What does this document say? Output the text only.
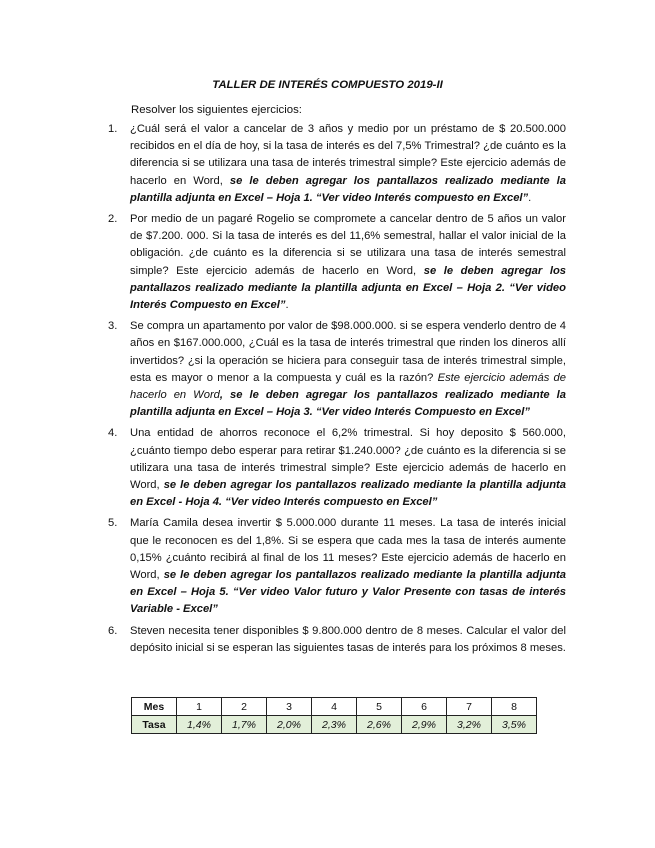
TALLER DE INTERÉS COMPUESTO 2019-II
Resolver los siguientes ejercicios:
1. ¿Cuál será el valor a cancelar de 3 años y medio por un préstamo de $ 20.500.000 recibidos en el día de hoy, si la tasa de interés es del 7,5% Trimestral? ¿de cuánto es la diferencia si se utilizara una tasa de interés trimestral simple? Este ejercicio además de hacerlo en Word, se le deben agregar los pantallazos realizado mediante la plantilla adjunta en Excel – Hoja 1. “Ver video Interés compuesto en Excel”.
2. Por medio de un pagaré Rogelio se compromete a cancelar dentro de 5 años un valor de $7.200. 000. Si la tasa de interés es del 11,6% semestral, hallar el valor inicial de la obligación. ¿de cuánto es la diferencia si se utilizara una tasa de interés semestral simple? Este ejercicio además de hacerlo en Word, se le deben agregar los pantallazos realizado mediante la plantilla adjunta en Excel – Hoja 2. “Ver video Interés Compuesto en Excel”.
3. Se compra un apartamento por valor de $98.000.000. si se espera venderlo dentro de 4 años en $167.000.000, ¿Cuál es la tasa de interés trimestral que rinden los dineros allí invertidos? ¿si la operación se hiciera para conseguir tasa de interés trimestral simple, esta es mayor o menor a la compuesta y cuál es la razón? Este ejercicio además de hacerlo en Word, se le deben agregar los pantallazos realizado mediante la plantilla adjunta en Excel – Hoja 3. “Ver video Interés Compuesto en Excel”
4. Una entidad de ahorros reconoce el 6,2% trimestral. Si hoy deposito $ 560.000, ¿cuánto tiempo debo esperar para retirar $1.240.000? ¿de cuánto es la diferencia si se utilizara una tasa de interés trimestral simple? Este ejercicio además de hacerlo en Word, se le deben agregar los pantallazos realizado mediante la plantilla adjunta en Excel - Hoja 4. “Ver video Interés compuesto en Excel”
5. María Camila desea invertir $ 5.000.000 durante 11 meses. La tasa de interés inicial que le reconocen es del 1,8%. Si se espera que cada mes la tasa de interés aumente 0,15% ¿cuánto recibirá al final de los 11 meses? Este ejercicio además de hacerlo en Word, se le deben agregar los pantallazos realizado mediante la plantilla adjunta en Excel – Hoja 5. “Ver video Valor futuro y Valor Presente con tasas de interés Variable - Excel”
6. Steven necesita tener disponibles $ 9.800.000 dentro de 8 meses. Calcular el valor del depósito inicial si se esperan las siguientes tasas de interés para los próximos 8 meses.
Mes	1	2	3	4	5	6	7	8
Tasa	1,4%	1,7%	2,0%	2,3%	2,6%	2,9%	3,2%	3,5%
